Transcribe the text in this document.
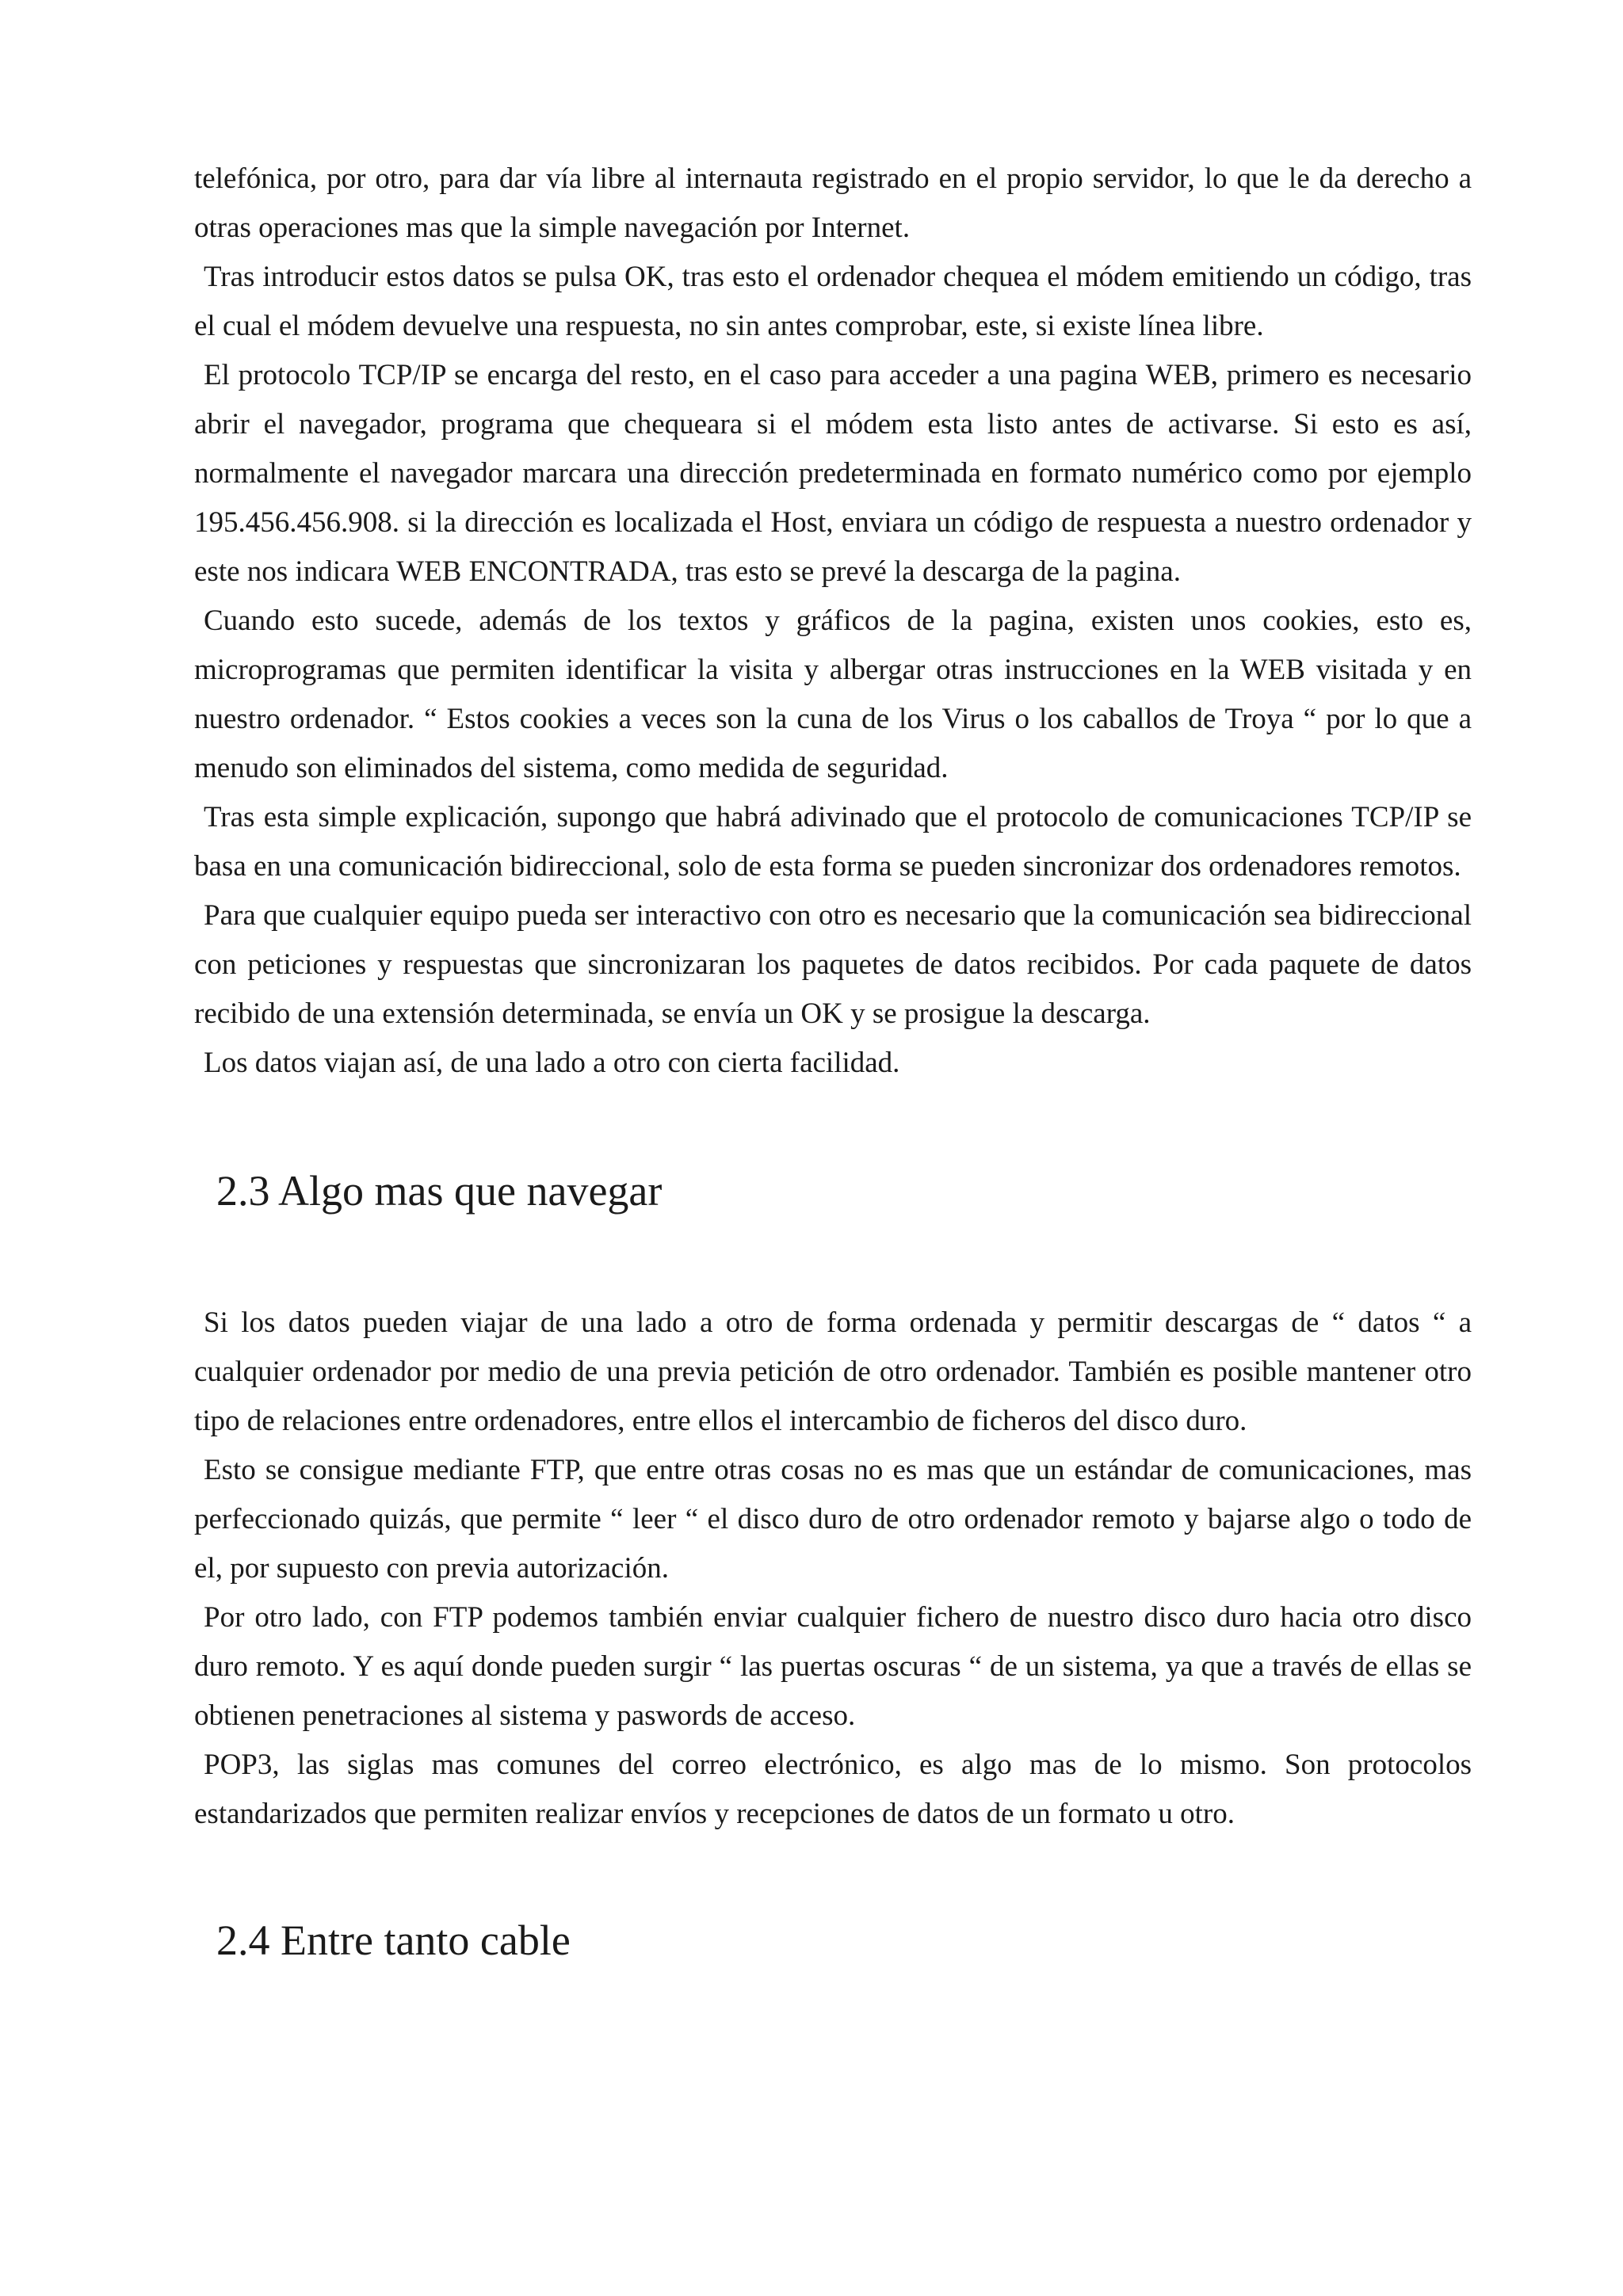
telefónica, por otro, para dar vía libre al internauta registrado en el propio servidor, lo que le da derecho a otras operaciones mas que la simple navegación por Internet.

Tras introducir estos datos se pulsa OK, tras esto el ordenador chequea el módem emitiendo un código, tras el cual el módem devuelve una respuesta, no sin antes comprobar, este, si existe línea libre.

El protocolo TCP/IP se encarga del resto, en el caso para acceder a una pagina WEB, primero es necesario abrir el navegador, programa que chequeara si el módem esta listo antes de activarse. Si esto es así, normalmente el navegador marcara una dirección predeterminada en formato numérico como por ejemplo 195.456.456.908. si la dirección es localizada el Host, enviara un código de respuesta a nuestro ordenador y este nos indicara WEB ENCONTRADA, tras esto se prevé la descarga de la pagina.

Cuando esto sucede, además de los textos y gráficos de la pagina, existen unos cookies, esto es, microprogramas que permiten identificar la visita y albergar otras instrucciones en la WEB visitada y en nuestro ordenador. “ Estos cookies a veces son la cuna de los Virus o los caballos de Troya “ por lo que a menudo son eliminados del sistema, como medida de seguridad.

Tras esta simple explicación, supongo que habrá adivinado que el protocolo de comunicaciones TCP/IP se basa en una comunicación bidireccional, solo de esta forma se pueden sincronizar dos ordenadores remotos.

Para que cualquier equipo pueda ser interactivo con otro es necesario que la comunicación sea bidireccional con peticiones y respuestas que sincronizaran los paquetes de datos recibidos. Por cada paquete de datos recibido de una extensión determinada, se envía un OK y se prosigue la descarga.

Los datos viajan así, de una lado a otro con cierta facilidad.

2.3 Algo mas que navegar

Si los datos pueden viajar de una lado a otro de forma ordenada y permitir descargas de “ datos “ a cualquier ordenador por medio de una previa petición de otro ordenador. También es posible mantener otro tipo de relaciones entre ordenadores, entre ellos el intercambio de ficheros del disco duro.

Esto se consigue mediante FTP, que entre otras cosas no es mas que un estándar de comunicaciones, mas perfeccionado quizás, que permite “ leer “ el disco duro de otro ordenador remoto y bajarse algo o todo de el, por supuesto con previa autorización.

Por otro lado, con FTP podemos también enviar cualquier fichero de nuestro disco duro hacia otro disco duro remoto. Y es aquí donde pueden surgir “ las puertas oscuras “ de un sistema, ya que a través de ellas se obtienen penetraciones al sistema y paswords de acceso.

POP3, las siglas mas comunes del correo electrónico, es algo mas de lo mismo. Son protocolos estandarizados que permiten realizar envíos y recepciones de datos de un formato u otro.

2.4 Entre tanto cable
